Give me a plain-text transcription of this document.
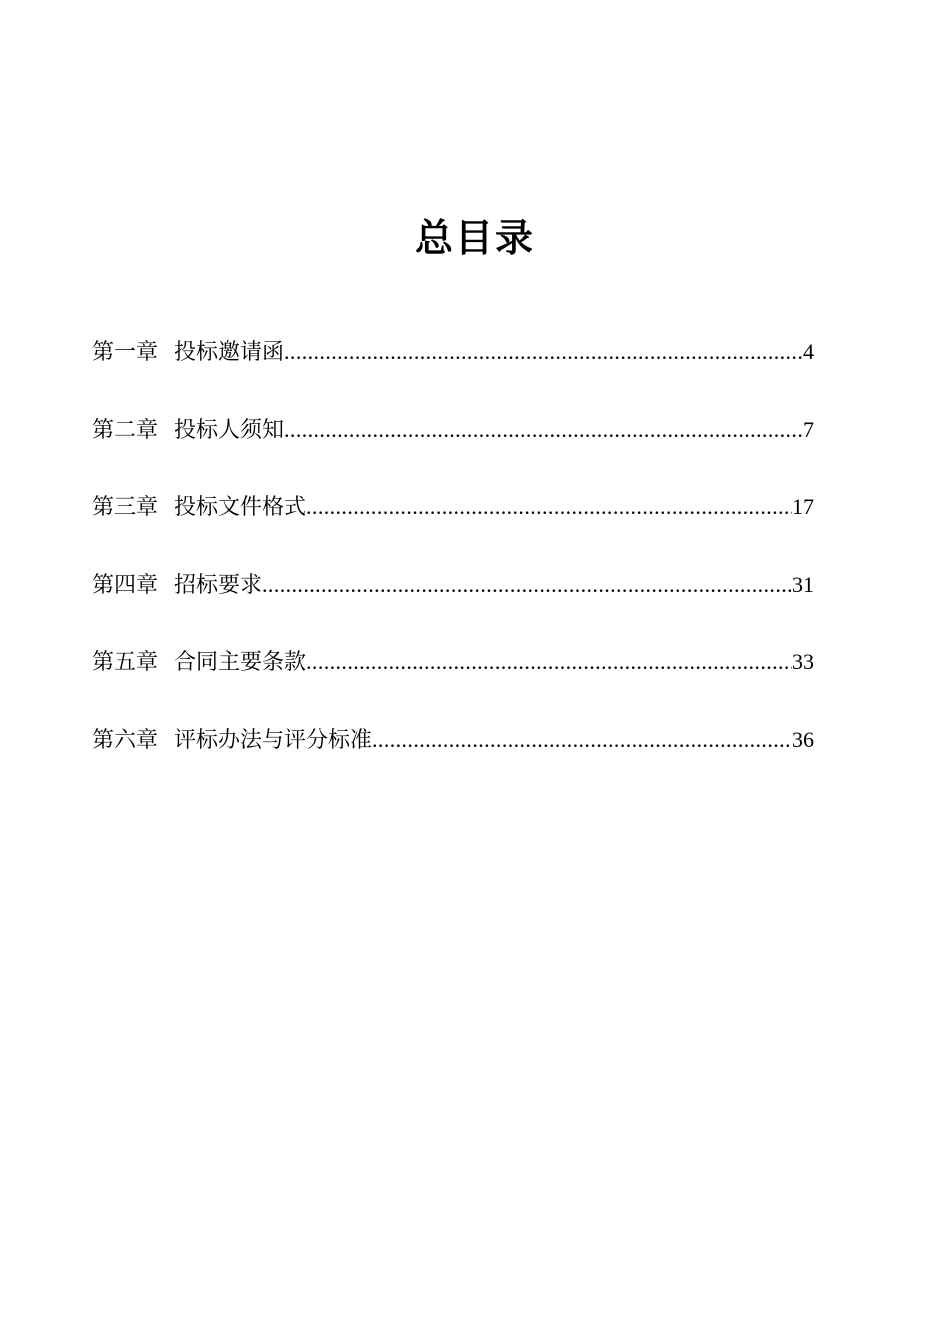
总目录
第一章 投标邀请函 .....	4
第二章 投标人须知 .....	7
第三章 投标文件格式 .....	17
第四章 招标要求 .....	31
第五章 合同主要条款 .....	33
第六章 评标办法与评分标准 .....	36
